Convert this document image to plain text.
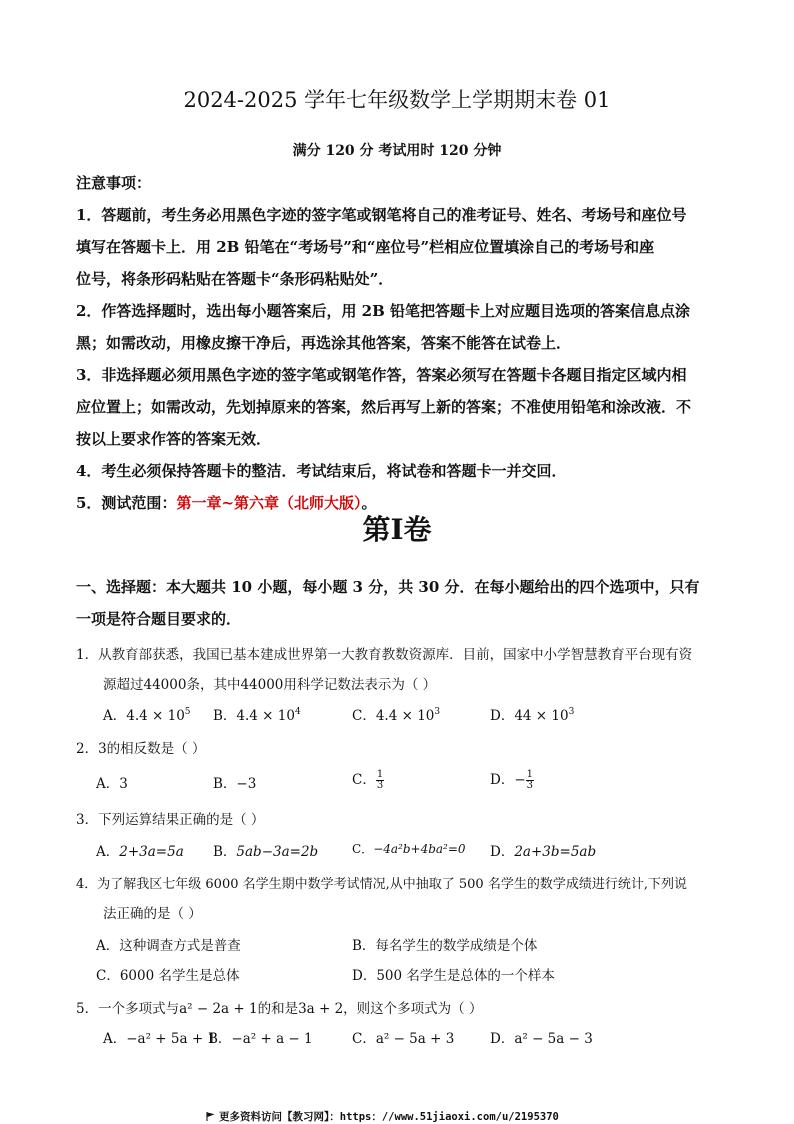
2024-2025 学年七年级数学上学期期末卷 01
满分 120 分 考试用时 120 分钟
注意事项：
1．答题前，考生务必用黑色字迹的签字笔或钢笔将自己的准考证号、姓名、考场号和座位号
填写在答题卡上．用 2B 铅笔在“考场号”和“座位号”栏相应位置填涂自己的考场号和座
位号，将条形码粘贴在答题卡“条形码粘贴处”．
2．作答选择题时，选出每小题答案后，用 2B 铅笔把答题卡上对应题目选项的答案信息点涂
黑；如需改动，用橡皮擦干净后，再选涂其他答案，答案不能答在试卷上．
3．非选择题必须用黑色字迹的签字笔或钢笔作答，答案必须写在答题卡各题目指定区域内相
应位置上；如需改动，先划掉原来的答案，然后再写上新的答案；不准使用铅笔和涂改液．不
按以上要求作答的答案无效．
4．考生必须保持答题卡的整洁．考试结束后，将试卷和答题卡一并交回．
5．测试范围：第一章~第六章（北师大版）。
第Ⅰ卷
一、选择题：本大题共 10 小题，每小题 3 分，共 30 分．在每小题给出的四个选项中，只有
一项是符合题目要求的．
1．从教育部获悉，我国已基本建成世界第一大教育教数资源库．目前，国家中小学智慧教育平台现有资
源超过44000条，其中44000用科学记数法表示为（ ）
A．$4.4 \times 10^5$ B．$4.4 \times 10^4$	C．$4.4 \times 10^3$	D．$44 \times 10^3$
2．3的相反数是（ ）
A．3	B．−3	C． $\frac{1}{3}$	D．− $\frac{1}{3}$
3．下列运算结果正确的是（ ）
A．2+3a=5a B．5ab−3a=2b	C．−4a²b+4ba²=0 D．2a+3b=5ab
4．为了解我区七年级 6000 名学生期中数学考试情况,从中抽取了 500 名学生的数学成绩进行统计,下列说
法正确的是（ ）
A．这种调查方式是普查	B．每名学生的数学成绩是个体
C．6000 名学生是总体	D．500 名学生是总体的一个样本
5．一个多项式与a² − 2a + 1的和是3a + 2，则这个多项式为（ ）
A．−a² + 5a + 1
B．−a² + a − 1	C．a² − 5a + 3	D．a² − 5a − 3
更多资料访问【教习网】：https：//www.51jiaoxi.com/u/2195370
